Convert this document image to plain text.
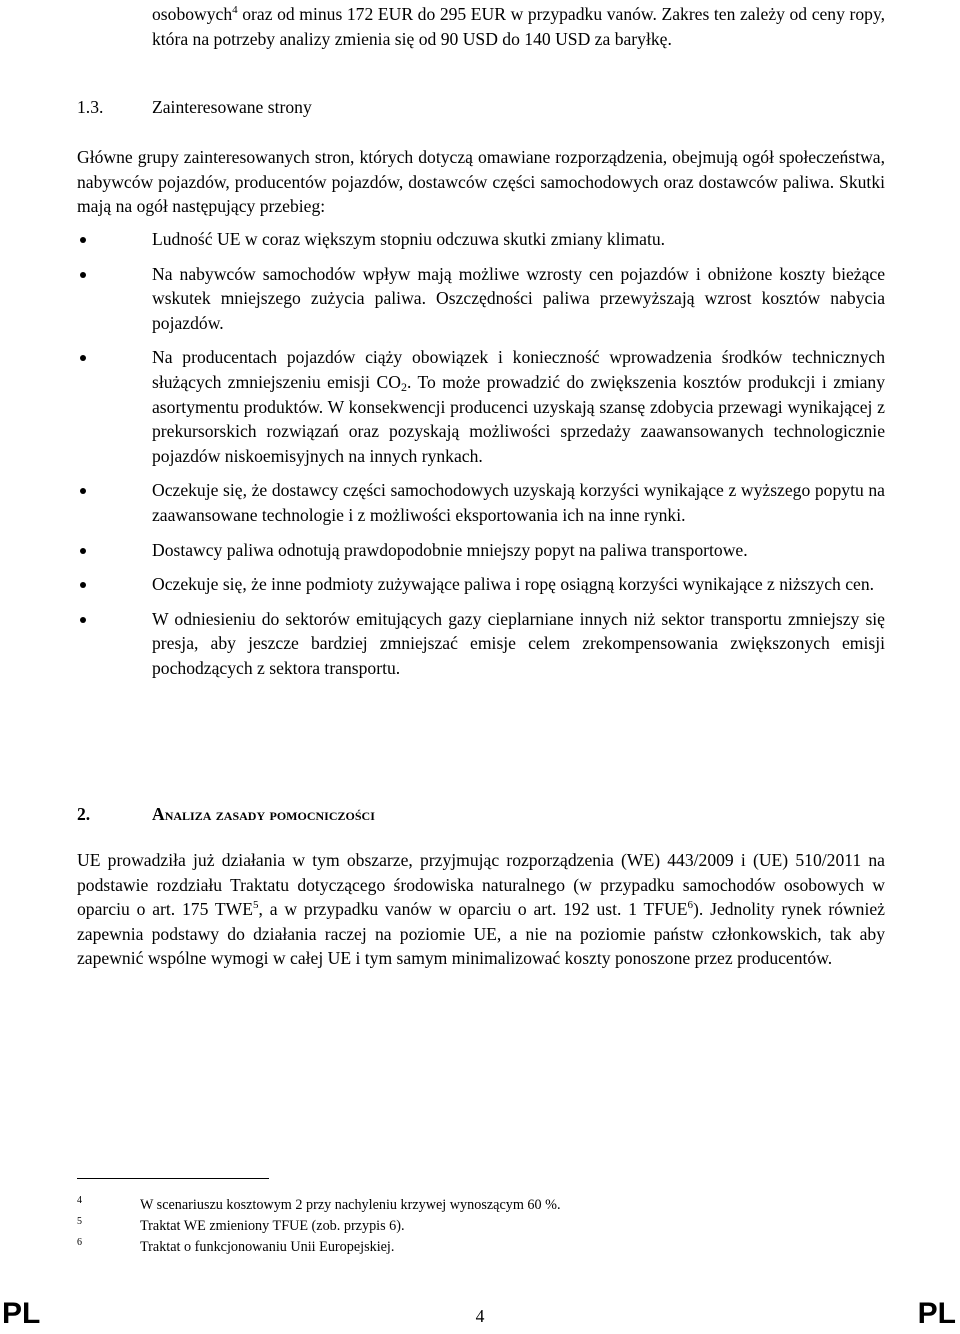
osobowych$^4$ oraz od minus 172 EUR do 295 EUR w przypadku vanów. Zakres ten zależy od ceny ropy, która na potrzeby analizy zmienia się od 90 USD do 140 USD za baryłkę.
1.3.	Zainteresowane strony

Główne grupy zainteresowanych stron, których dotyczą omawiane rozporządzenia, obejmują ogół społeczeństwa, nabywców pojazdów, producentów pojazdów, dostawców części samochodowych oraz dostawców paliwa. Skutki mają na ogół następujący przebieg:

Ludność UE w coraz większym stopniu odczuwa skutki zmiany klimatu.
Na nabywców samochodów wpływ mają możliwe wzrosty cen pojazdów i obniżone koszty bieżące wskutek mniejszego zużycia paliwa. Oszczędności paliwa przewyższają wzrost kosztów nabycia pojazdów.
Na producentach pojazdów ciąży obowiązek i konieczność wprowadzenia środków technicznych służących zmniejszeniu emisji $CO_2$. To może prowadzić do zwiększenia kosztów produkcji i zmiany asortymentu produktów. W konsekwencji producenci uzyskają szansę zdobycia przewagi wynikającej z prekursorskich rozwiązań oraz pozyskają możliwości sprzedaży zaawansowanych technologicznie pojazdów niskoemisyjnych na innych rynkach.
Oczekuje się, że dostawcy części samochodowych uzyskają korzyści wynikające z wyższego popytu na zaawansowane technologie i z możliwości eksportowania ich na inne rynki.
Dostawcy paliwa odnotują prawdopodobnie mniejszy popyt na paliwa transportowe.
Oczekuje się, że inne podmioty zużywające paliwa i ropę osiągną korzyści wynikające z niższych cen.
W odniesieniu do sektorów emitujących gazy cieplarniane innych niż sektor transportu zmniejszy się presja, aby jeszcze bardziej zmniejszać emisje celem zrekompensowania zwiększonych emisji pochodzących z sektora transportu.
2.	Analiza zasady pomocniczości

UE prowadziła już działania w tym obszarze, przyjmując rozporządzenia (WE) 443/2009 i (UE) 510/2011 na podstawie rozdziału Traktatu dotyczącego środowiska naturalnego (w przypadku samochodów osobowych w oparciu o art. 175 TWE$^5$, a w przypadku vanów w oparciu o art. 192 ust. 1 TFUE$^6$). Jednolity rynek również zapewnia podstawy do działania raczej na poziomie UE, a nie na poziomie państw członkowskich, tak aby zapewnić wspólne wymogi w całej UE i tym samym minimalizować koszty ponoszone przez producentów.

4	W scenariuszu kosztowym 2 przy nachyleniu krzywej wynoszącym 60 %.
5	Traktat WE zmieniony TFUE (zob. przypis 6).
6	Traktat o funkcjonowaniu Unii Europejskiej.
PL	4	PL
